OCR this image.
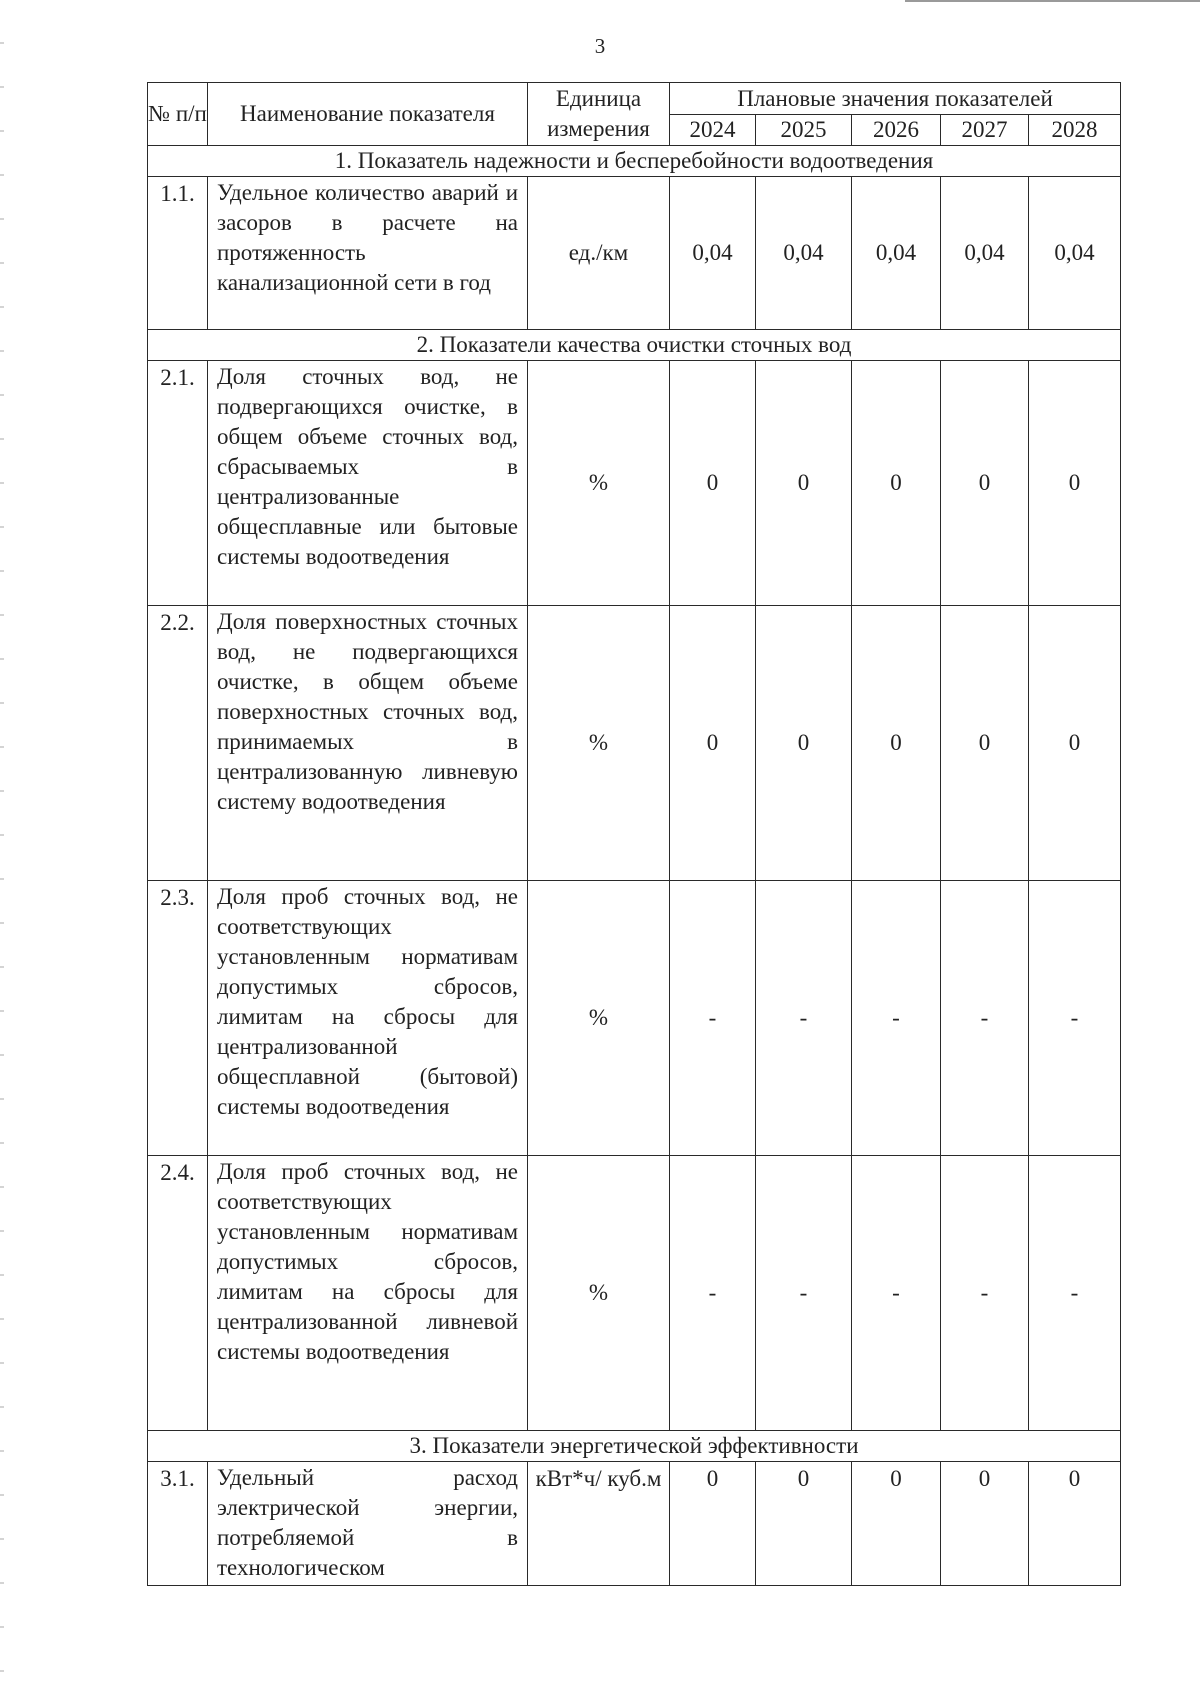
3
№ п/п	Наименование показателя	Единица измерения	Плановые значения показателей				
			2024	2025	2026	2027	2028
1. Показатель надежности и бесперебойности водоотведения							
1.1.	Удельное количество аварий и засоров в расчете на протяженность канализационной сети в год	ед./км	0,04	0,04	0,04	0,04	0,04
2. Показатели качества очистки сточных вод							
2.1.	Доля сточных вод, не подвергающихся очистке, в общем объеме сточных вод, сбрасываемых в централизованные общесплавные или бытовые системы водоотведения	%	0	0	0	0	0
2.2.	Доля поверхностных сточных вод, не подвергающихся очистке, в общем объеме поверхностных сточных вод, принимаемых в централизованную ливневую систему водоотведения	%	0	0	0	0	0
2.3.	Доля проб сточных вод, не соответствующих установленным нормативам допустимых сбросов, лимитам на сбросы для централизованной общесплавной (бытовой) системы водоотведения	%	-	-	-	-	-
2.4.	Доля проб сточных вод, не соответствующих установленным нормативам допустимых сбросов, лимитам на сбросы для централизованной ливневой системы водоотведения	%	-	-	-	-	-
3. Показатели энергетической эффективности							
3.1.	Удельный расход электрической энергии, потребляемой в технологическом	кВт*ч/ куб.м	0	0	0	0	0
